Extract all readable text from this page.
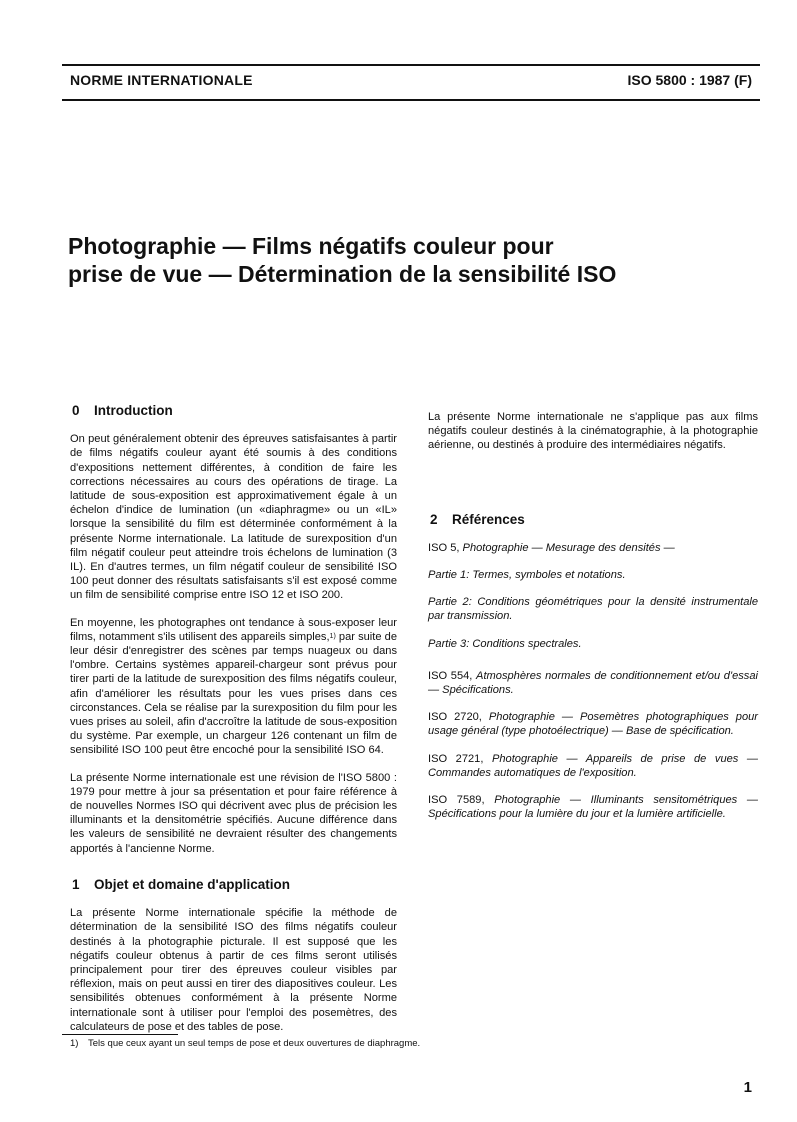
NORME INTERNATIONALE	ISO 5800 : 1987 (F)
Photographie — Films négatifs couleur pour
prise de vue — Détermination de la sensibilité ISO
0 Introduction

On peut généralement obtenir des épreuves satisfaisantes à partir de films négatifs couleur ayant été soumis à des conditions d'expositions nettement différentes, à condition de faire les corrections nécessaires au cours des opérations de tirage. La latitude de sous-exposition est approximativement égale à un échelon d'indice de lumination (un «diaphragme» ou un «IL» lorsque la sensibilité du film est déterminée conformément à la présente Norme internationale. La latitude de surexposition d'un film négatif couleur peut atteindre trois échelons de lumination (3 IL). En d'autres termes, un film négatif couleur de sensibilité ISO 100 peut donner des résultats satisfaisants s'il est exposé comme un film de sensibilité comprise entre ISO 12 et ISO 200.

En moyenne, les photographes ont tendance à sous-exposer leur films, notamment s'ils utilisent des appareils simples,$^{1)}$ par suite de leur désir d'enregistrer des scènes par temps nuageux ou dans l'ombre. Certains systèmes appareil-chargeur sont prévus pour tirer parti de la latitude de surexposition des films négatifs couleur, afin d'améliorer les résultats pour les vues prises dans ces circonstances. Cela se réalise par la surexposition du film pour les vues prises au soleil, afin d'accroître la latitude de sous-exposition du système. Par exemple, un chargeur 126 contenant un film de sensibilité ISO 100 peut être encoché pour la sensibilité ISO 64.

La présente Norme internationale est une révision de l'ISO 5800 : 1979 pour mettre à jour sa présentation et pour faire référence à de nouvelles Normes ISO qui décrivent avec plus de précision les illuminants et la densitométrie spécifiés. Aucune différence dans les valeurs de sensibilité ne devraient résulter des changements apportés à l'ancienne Norme.

1 Objet et domaine d'application

La présente Norme internationale spécifie la méthode de détermination de la sensibilité ISO des films négatifs couleur destinés à la photographie picturale. Il est supposé que les négatifs couleur obtenus à partir de ces films seront utilisés principalement pour tirer des épreuves couleur visibles par réflexion, mais on peut aussi en tirer des diapositives couleur. Les sensibilités obtenues conformément à la présente Norme internationale sont à utiliser pour l'emploi des posemètres, des calculateurs de pose et des tables de pose.

La présente Norme internationale ne s'applique pas aux films négatifs couleur destinés à la cinématographie, à la photographie aérienne, ou destinés à produire des intermédiaires négatifs.

2 Références

ISO 5, Photographie — Mesurage des densités —

Partie 1: Termes, symboles et notations.

Partie 2: Conditions géométriques pour la densité instrumentale par transmission.

Partie 3: Conditions spectrales.

ISO 554, Atmosphères normales de conditionnement et/ou d'essai — Spécifications.

ISO 2720, Photographie — Posemètres photographiques pour usage général (type photoélectrique) — Base de spécification.

ISO 2721, Photographie — Appareils de prise de vues — Commandes automatiques de l'exposition.

ISO 7589, Photographie — Illuminants sensitométriques — Spécifications pour la lumière du jour et la lumière artificielle.

1) Tels que ceux ayant un seul temps de pose et deux ouvertures de diaphragme.
1
